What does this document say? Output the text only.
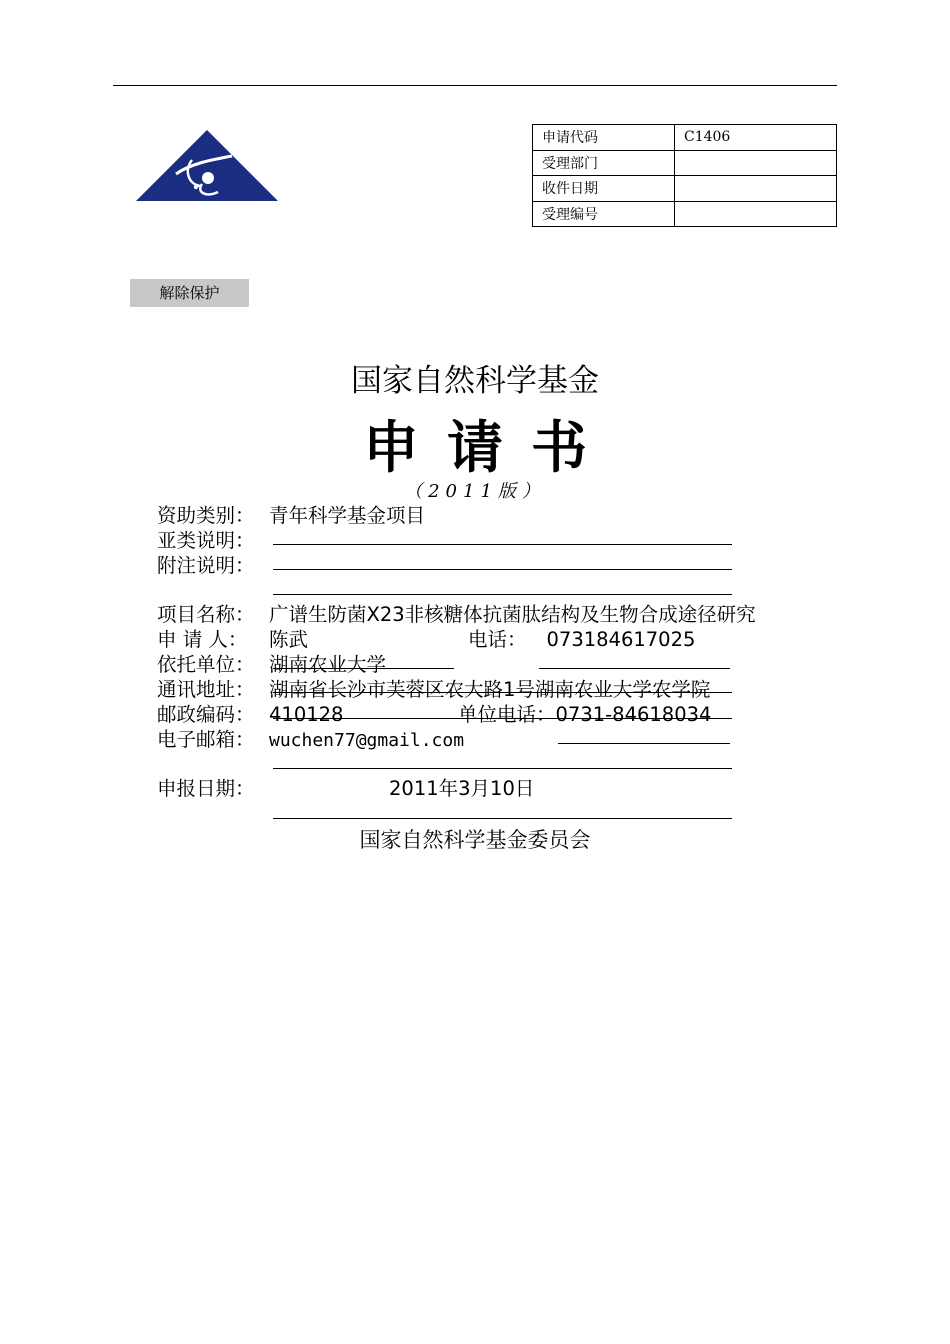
申请代码	C1406
受理部门	
收件日期	
受理编号	
解除保护
国家自然科学基金
申请书
（2011版）
资助类别： 青年科学基金项目
亚类说明：
附注说明：
项目名称： 广谱生防菌X23非核糖体抗菌肽结构及生物合成途径研究
申 请 人： 陈武	电话： 073184617025
依托单位： 湖南农业大学
通讯地址： 湖南省长沙市芙蓉区农大路1号湖南农业大学农学院
邮政编码： 410128	单位电话：0731-84618034
电子邮箱： wuchen77@gmail.com
申报日期：	2011年3月10日
国家自然科学基金委员会
